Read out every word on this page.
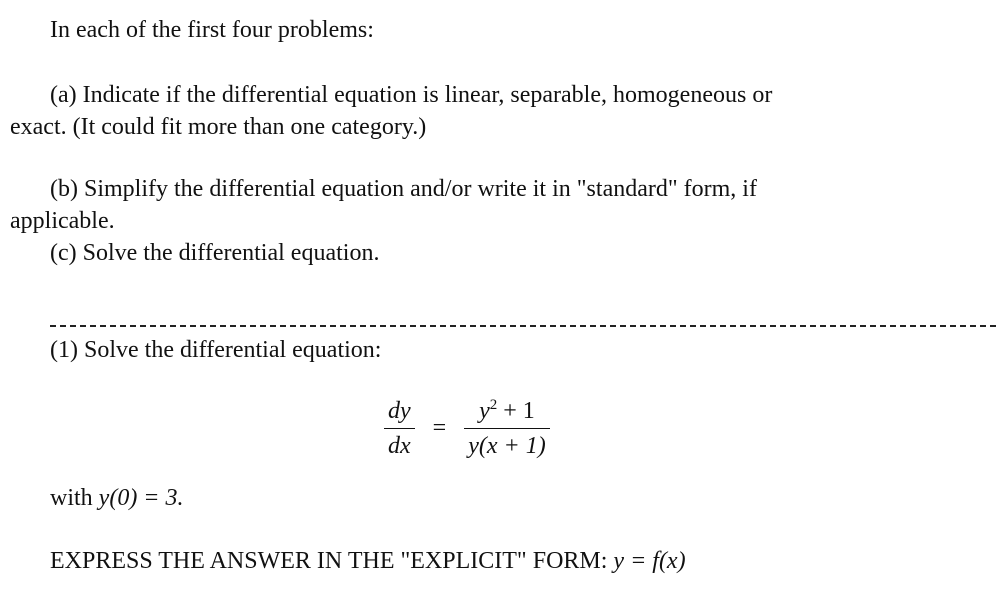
In each of the first four problems:
(a) Indicate if the differential equation is linear, separable, homogeneous or
exact. (It could fit more than one category.)
(b) Simplify the differential equation and/or write it in "standard" form, if
applicable.
(c) Solve the differential equation.
(1) Solve the differential equation:
$\frac{dy}{dx} = \frac{y^2 + 1}{y(x + 1)}$
with y(0) = 3.
EXPRESS THE ANSWER IN THE "EXPLICIT" FORM: y = f(x)
